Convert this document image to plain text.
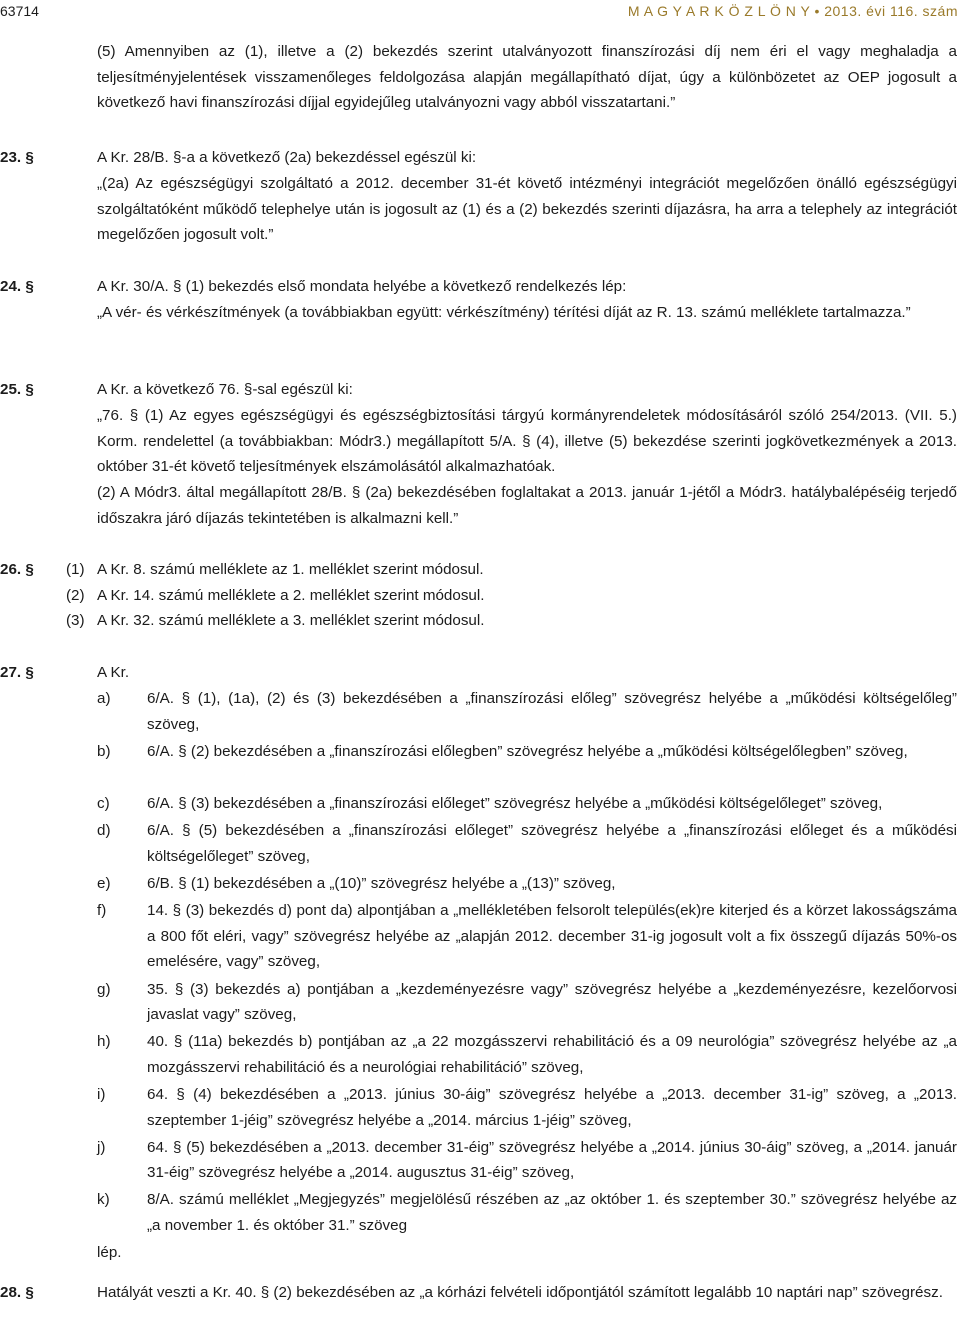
63714	M A G Y A R K Ö Z L Ö N Y • 2013. évi 116. szám
(5) Amennyiben az (1), illetve a (2) bekezdés szerint utalványozott finanszírozási díj nem éri el vagy meghaladja a teljesítményjelentések visszamenőleges feldolgozása alapján megállapítható díjat, úgy a különbözetet az OEP jogosult a következő havi finanszírozási díjjal egyidejűleg utalványozni vagy abból visszatartani.”
23. §	A Kr. 28/B. §-a a következő (2a) bekezdéssel egészül ki:
„(2a) Az egészségügyi szolgáltató a 2012. december 31-ét követő intézményi integrációt megelőzően önálló egészségügyi szolgáltatóként működő telephelye után is jogosult az (1) és a (2) bekezdés szerinti díjazásra, ha arra a telephely az integrációt megelőzően jogosult volt.”
24. §	A Kr. 30/A. § (1) bekezdés első mondata helyébe a következő rendelkezés lép:
„A vér- és vérkészítmények (a továbbiakban együtt: vérkészítmény) térítési díját az R. 13. számú melléklete tartalmazza.”
25. §	A Kr. a következő 76. §-sal egészül ki:
„76. § (1) Az egyes egészségügyi és egészségbiztosítási tárgyú kormányrendeletek módosításáról szóló 254/2013. (VII. 5.) Korm. rendelettel (a továbbiakban: Módr3.) megállapított 5/A. § (4), illetve (5) bekezdése szerinti jogkövetkezmények a 2013. október 31-ét követő teljesítmények elszámolásától alkalmazhatóak.
(2) A Módr3. által megállapított 28/B. § (2a) bekezdésében foglaltakat a 2013. január 1-jétől a Módr3. hatálybalépéséig terjedő időszakra járó díjazás tekintetében is alkalmazni kell.”
26. § (1) A Kr. 8. számú melléklete az 1. melléklet szerint módosul.
(2) A Kr. 14. számú melléklete a 2. melléklet szerint módosul.
(3) A Kr. 32. számú melléklete a 3. melléklet szerint módosul.
27. §	A Kr.
a) 6/A. § (1), (1a), (2) és (3) bekezdésében a „finanszírozási előleg” szövegrész helyébe a „működési költségelőleg” szöveg,
b) 6/A. § (2) bekezdésében a „finanszírozási előlegben” szövegrész helyébe a „működési költségelőlegben” szöveg,
c) 6/A. § (3) bekezdésében a „finanszírozási előleget” szövegrész helyébe a „működési költségelőleget” szöveg,
d) 6/A. § (5) bekezdésében a „finanszírozási előleget” szövegrész helyébe a „finanszírozási előleget és a működési költségelőleget” szöveg,
e) 6/B. § (1) bekezdésében a „(10)” szövegrész helyébe a „(13)” szöveg,
f)	14. § (3) bekezdés d) pont da) alpontjában a „mellékletében felsorolt település(ek)re kiterjed és a körzet lakosságszáma a 800 főt eléri, vagy” szövegrész helyébe az „alapján 2012. december 31-ig jogosult volt a fix összegű díjazás 50%-os emelésére, vagy” szöveg,
g) 35. § (3) bekezdés a) pontjában a „kezdeményezésre vagy” szövegrész helyébe a „kezdeményezésre, kezelőorvosi javaslat vagy” szöveg,
h) 40. § (11a) bekezdés b) pontjában az „a 22 mozgásszervi rehabilitáció és a 09 neurológia” szövegrész helyébe az „a mozgásszervi rehabilitáció és a neurológiai rehabilitáció” szöveg,
i)	64. § (4) bekezdésében a „2013. június 30-áig” szövegrész helyébe a „2013. december 31-ig” szöveg, a „2013. szeptember 1-jéig” szövegrész helyébe a „2014. március 1-jéig” szöveg,
j)	64. § (5) bekezdésében a „2013. december 31-éig” szövegrész helyébe a „2014. június 30-áig” szöveg, a „2014. január 31-éig” szövegrész helyébe a „2014. augusztus 31-éig” szöveg,
k) 8/A. számú melléklet „Megjegyzés” megjelölésű részében az „az október 1. és szeptember 30.” szövegrész helyébe az „a november 1. és október 31.” szöveg
lép.
28. §	Hatályát veszti a Kr. 40. § (2) bekezdésében az „a kórházi felvételi időpontjától számított legalább 10 naptári nap” szövegrész.
